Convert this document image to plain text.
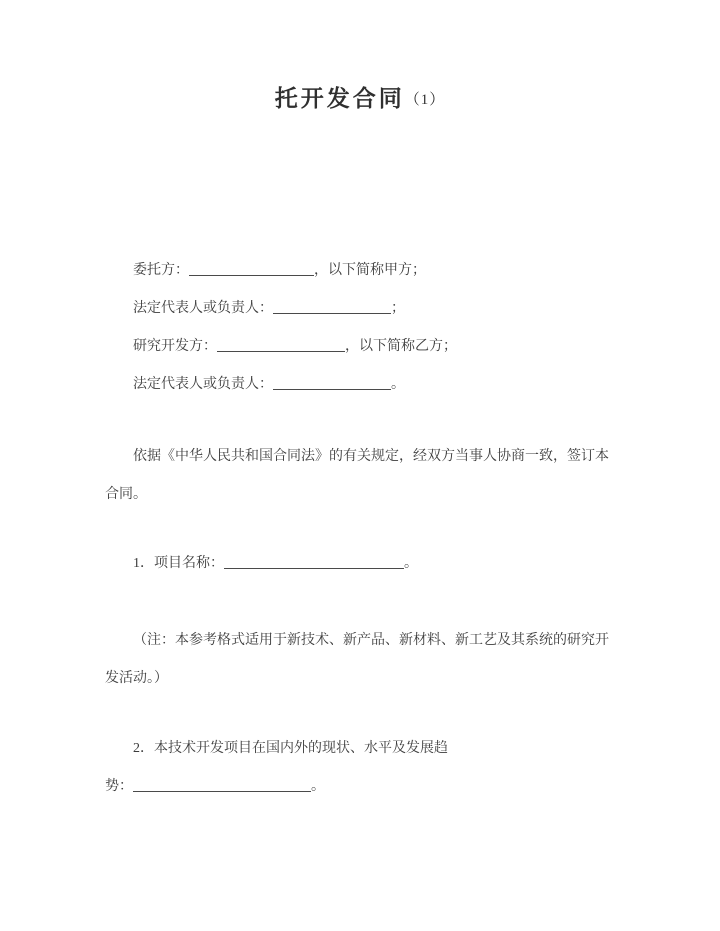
托开发合同（1）

委托方：	，以下简称甲方；

法定代表人或负责人：	；

研究开发方：	，以下简称乙方；

法定代表人或负责人：	。

依据《中华人民共和国合同法》的有关规定，经双方当事人协商一致，签订本

合同。

1．项目名称：	。

（注：本参考格式适用于新技术、新产品、新材料、新工艺及其系统的研究开

发活动。）

2．本技术开发项目在国内外的现状、水平及发展趋

势：	。
